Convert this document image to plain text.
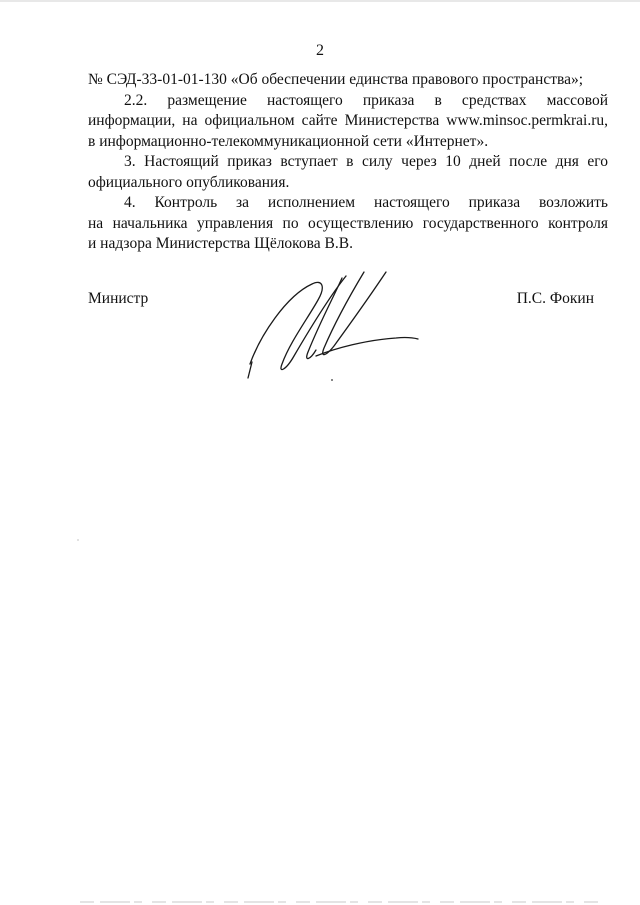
2
№ СЭД-33-01-01-130 «Об обеспечении единства правового пространства»;
2.2. размещение настоящего приказа в средствах массовой
информации, на официальном сайте Министерства www.minsoc.permkrai.ru,
в информационно-телекоммуникационной сети «Интернет».
3. Настоящий приказ вступает в силу через 10 дней после дня его
официального опубликования.
4. Контроль за исполнением настоящего приказа возложить
на начальника управления по осуществлению государственного контроля
и надзора Министерства Щёлокова В.В.
Министр	П.С. Фокин
